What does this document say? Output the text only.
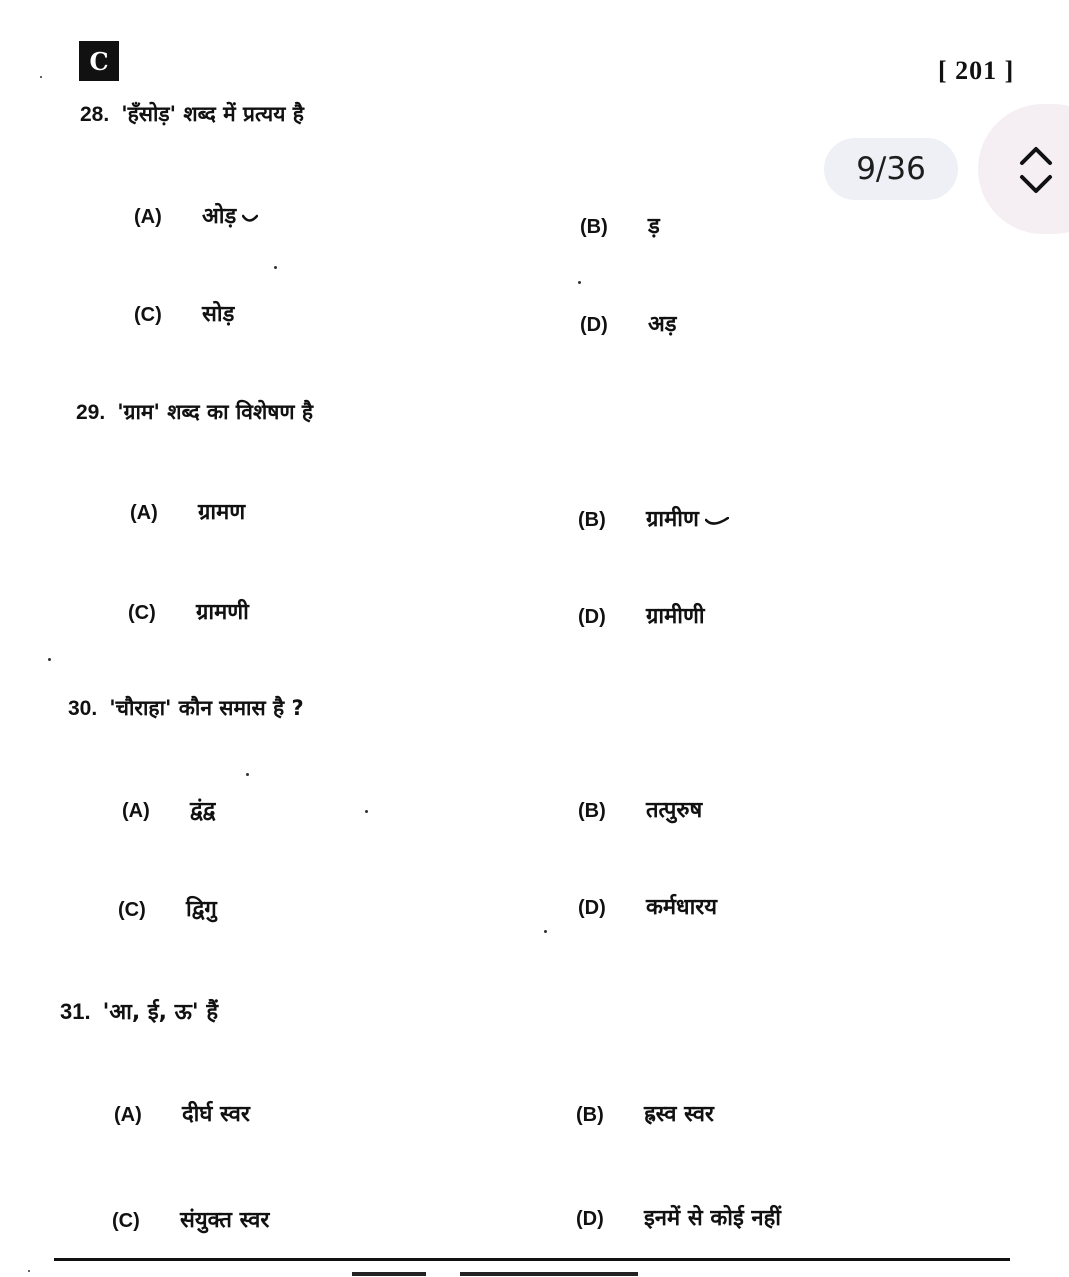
C	[ 201 ]
9/36
28. 'हँसोड़' शब्द में प्रत्यय है
(A)	ओड़	(B)	ड़
(C)	सोड़	(D)	अड़
29. 'ग्राम' शब्द का विशेषण है
(A)	ग्रामण	(B)	ग्रामीण
(C)	ग्रामणी	(D)	ग्रामीणी
30. 'चौराहा' कौन समास है ?
(A)	द्वंद्व	(B)	तत्पुरुष
(C)	द्विगु	(D)	कर्मधारय
31. 'आ, ई, ऊ' हैं
(A)	दीर्घ स्वर	(B)	ह्रस्व स्वर
(C)	संयुक्त स्वर	(D)	इनमें से कोई नहीं
